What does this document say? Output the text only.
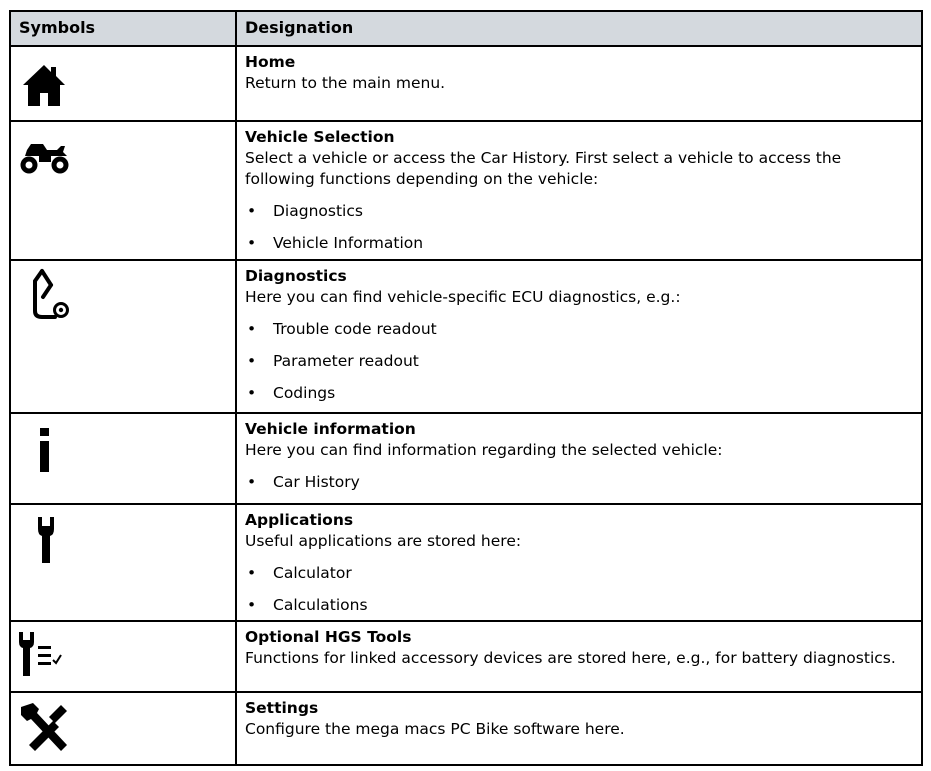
Symbols	Designation
Home
Return to the main menu.
Vehicle Selection
Select a vehicle or access the Car History. First select a vehicle to access the following functions depending on the vehicle:
• Diagnostics
• Vehicle Information
Diagnostics
Here you can find vehicle-specific ECU diagnostics, e.g.:
• Trouble code readout
• Parameter readout
• Codings
Vehicle information
Here you can find information regarding the selected vehicle:
• Car History
Applications
Useful applications are stored here:
• Calculator
• Calculations
Optional HGS Tools
Functions for linked accessory devices are stored here, e.g., for battery diagnostics.
Settings
Configure the mega macs PC Bike software here.
